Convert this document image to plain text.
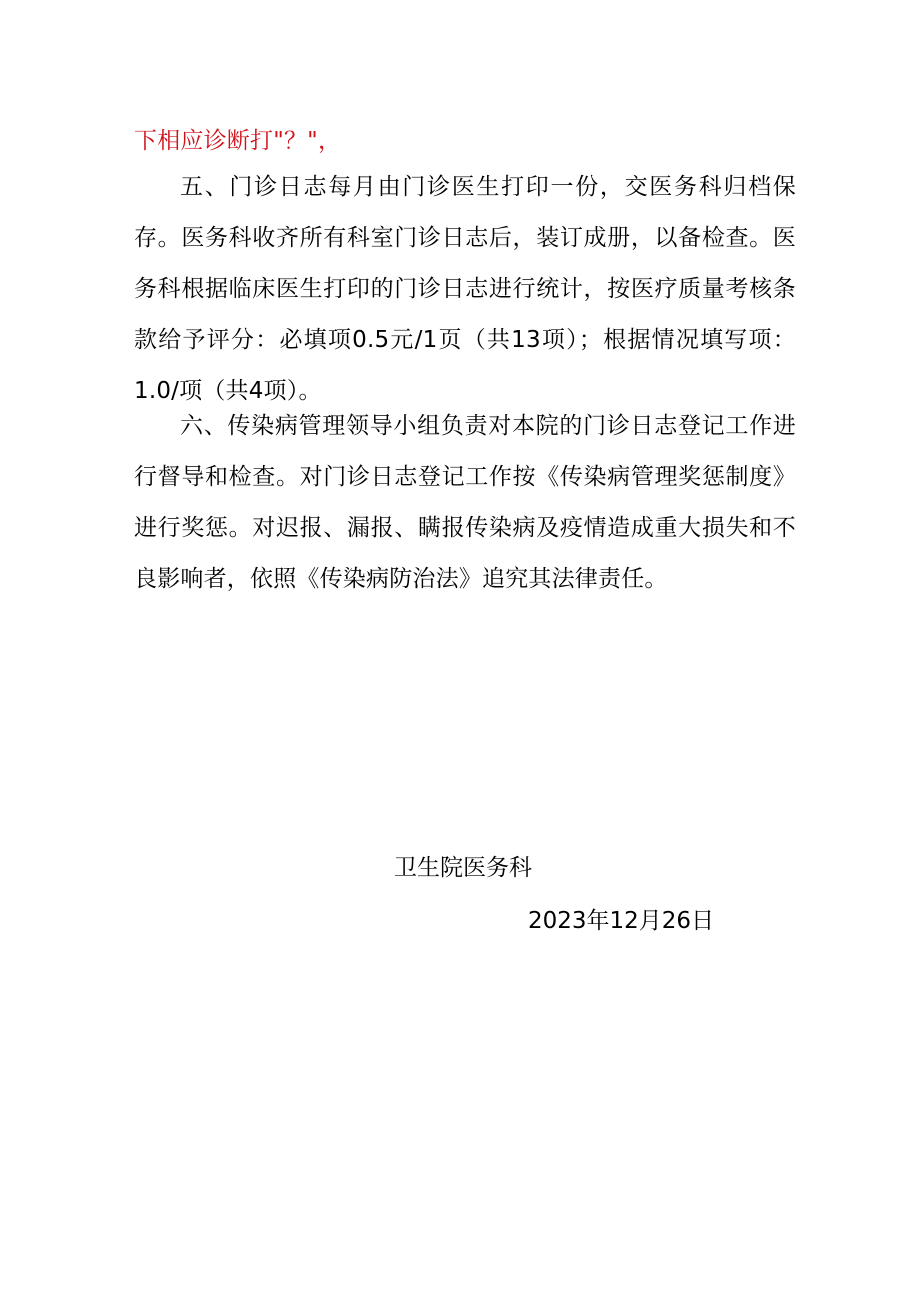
下相应诊断打"？"，

五、门诊日志每月由门诊医生打印一份，交医务科归档保存。医务科收齐所有科室门诊日志后，装订成册，以备检查。医务科根据临床医生打印的门诊日志进行统计，按医疗质量考核条款给予评分：必填项0.5元/1页（共13项）；根据情况填写项：1.0/项（共4项）。

六、传染病管理领导小组负责对本院的门诊日志登记工作进行督导和检查。对门诊日志登记工作按《传染病管理奖惩制度》进行奖惩。对迟报、漏报、瞒报传染病及疫情造成重大损失和不良影响者，依照《传染病防治法》追究其法律责任。

卫生院医务科
2023年12月26日
